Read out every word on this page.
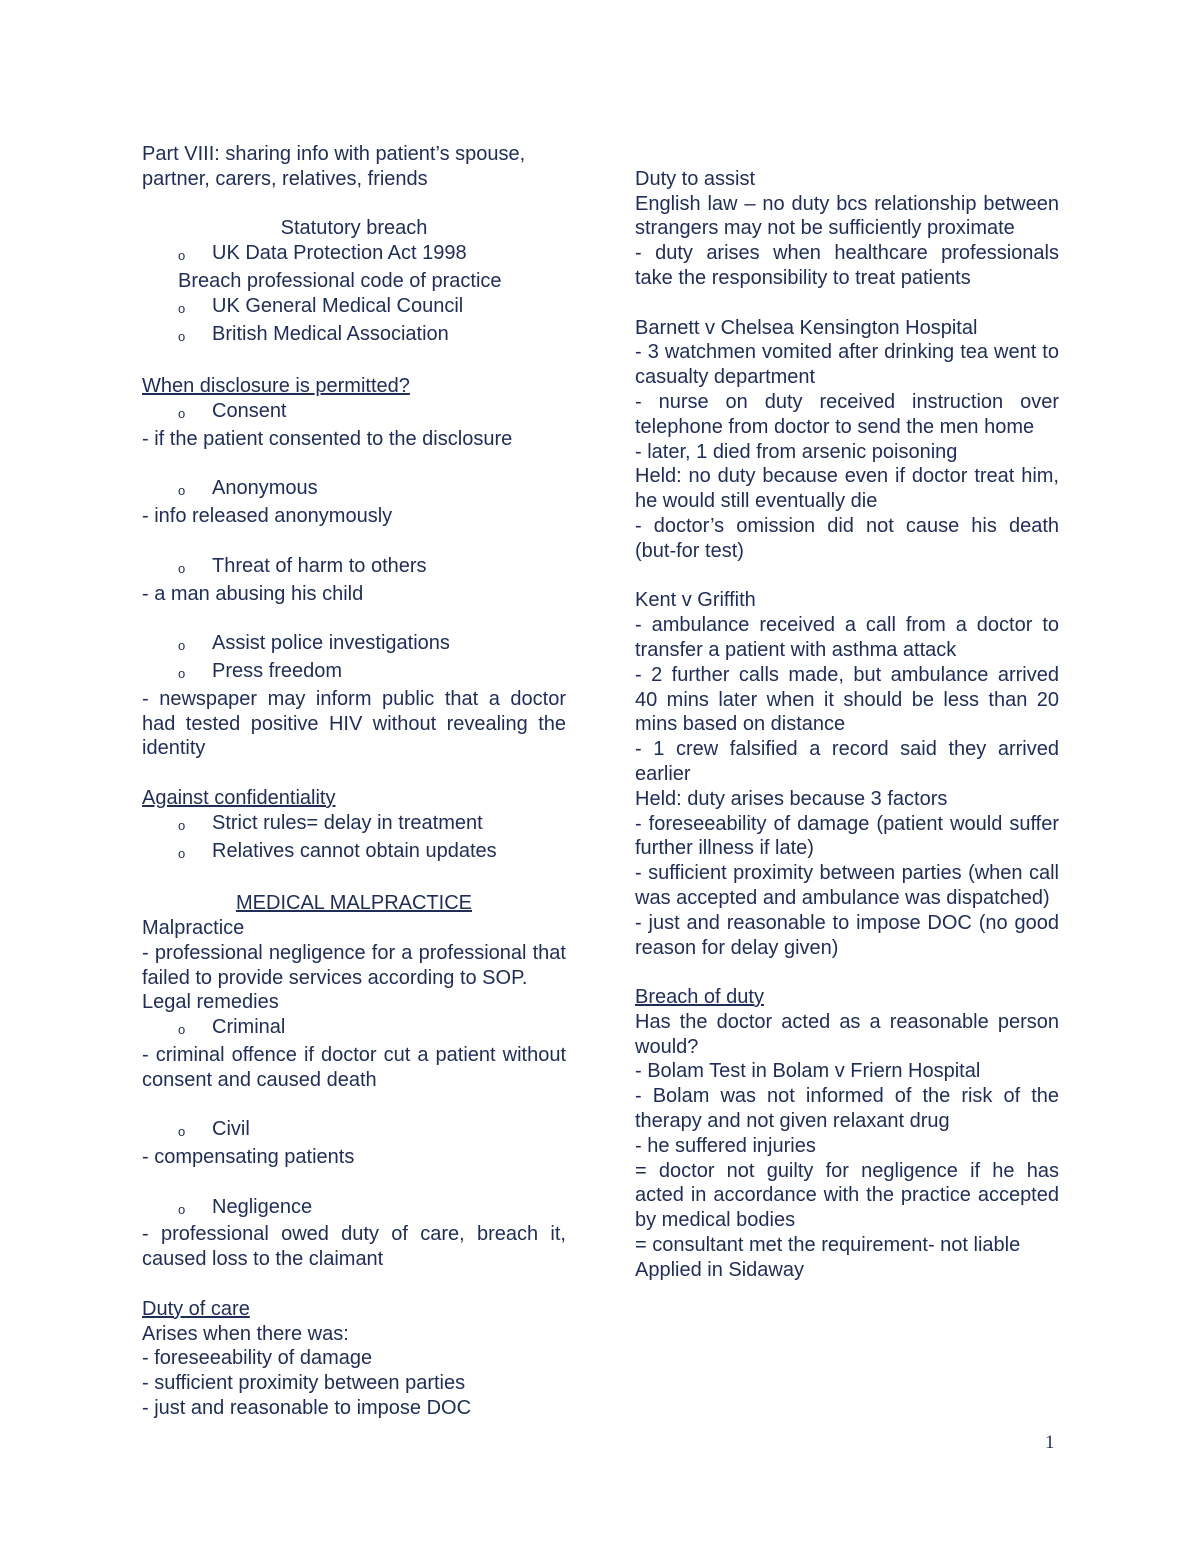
Part VIII: sharing info with patient’s spouse,
partner, carers, relatives, friends
Statutory breach
o	UK Data Protection Act 1998
Breach professional code of practice
o	UK General Medical Council
o	British Medical Association
When disclosure is permitted?
o	Consent
- if the patient consented to the disclosure
o	Anonymous
- info released anonymously
o	Threat of harm to others
- a man abusing his child
o	Assist police investigations
o	Press freedom
- newspaper may inform public that a doctor had tested positive HIV without revealing the identity
Against confidentiality
o	Strict rules= delay in treatment
o	Relatives cannot obtain updates
MEDICAL MALPRACTICE
Malpractice
- professional negligence for a professional that failed to provide services according to SOP.
Legal remedies
o	Criminal
- criminal offence if doctor cut a patient without consent and caused death
o	Civil
- compensating patients
o	Negligence
- professional owed duty of care, breach it, caused loss to the claimant
Duty of care
Arises when there was:
- foreseeability of damage
- sufficient proximity between parties
- just and reasonable to impose DOC
Duty to assist
English law – no duty bcs relationship between strangers may not be sufficiently proximate
- duty arises when healthcare professionals take the responsibility to treat patients
Barnett v Chelsea Kensington Hospital
- 3 watchmen vomited after drinking tea went to casualty department
- nurse on duty received instruction over telephone from doctor to send the men home
- later, 1 died from arsenic poisoning
Held: no duty because even if doctor treat him, he would still eventually die
- doctor’s omission did not cause his death (but-for test)
Kent v Griffith
- ambulance received a call from a doctor to transfer a patient with asthma attack
- 2 further calls made, but ambulance arrived 40 mins later when it should be less than 20 mins based on distance
- 1 crew falsified a record said they arrived earlier
Held: duty arises because 3 factors
- foreseeability of damage (patient would suffer further illness if late)
- sufficient proximity between parties (when call was accepted and ambulance was dispatched)
- just and reasonable to impose DOC (no good reason for delay given)
Breach of duty
Has the doctor acted as a reasonable person would?
- Bolam Test in Bolam v Friern Hospital
- Bolam was not informed of the risk of the therapy and not given relaxant drug
- he suffered injuries
= doctor not guilty for negligence if he has acted in accordance with the practice accepted by medical bodies
= consultant met the requirement- not liable
Applied in Sidaway
1
